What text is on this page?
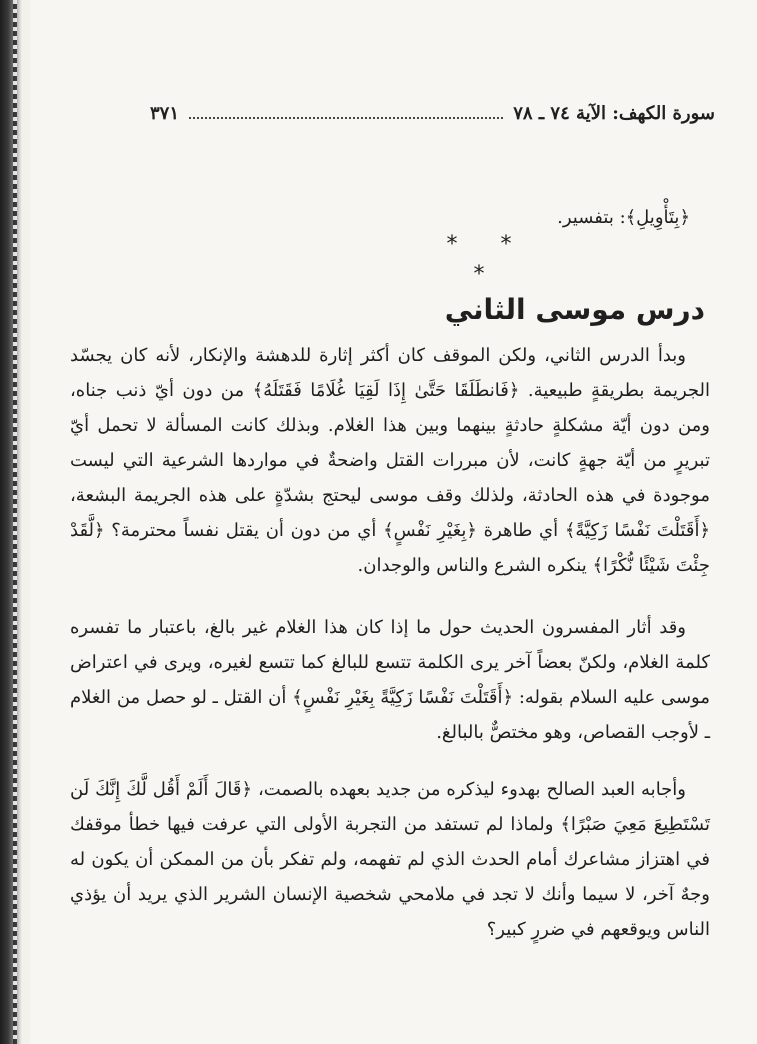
سورة الكهف: الآية ٧٤ ـ ٧٨
٣٧١
﴿بِتَأْوِيلِ﴾: بتفسير.
* * *
درس موسى الثاني
وبدأ الدرس الثاني، ولكن الموقف كان أكثر إثارة للدهشة والإنكار، لأنه كان يجسّد الجريمة بطريقةٍ طبيعية. ﴿فَانطَلَقَا حَتَّىٰ إِذَا لَقِيَا غُلَامًا فَقَتَلَهُ﴾ من دون أيّ ذنب جناه، ومن دون أيّة مشكلةٍ حادثةٍ بينهما وبين هذا الغلام. وبذلك كانت المسألة لا تحمل أيّ تبريرٍ من أيّة جهةٍ كانت، لأن مبررات القتل واضحةٌ في مواردها الشرعية التي ليست موجودة في هذه الحادثة، ولذلك وقف موسى ليحتج بشدّةٍ على هذه الجريمة البشعة، ﴿أَقَتَلْتَ نَفْسًا زَكِيَّةً﴾ أي طاهرة ﴿بِغَيْرِ نَفْسٍ﴾ أي من دون أن يقتل نفساً محترمة؟ ﴿لَّقَدْ جِئْتَ شَيْئًا نُّكْرًا﴾ ينكره الشرع والناس والوجدان.
وقد أثار المفسرون الحديث حول ما إذا كان هذا الغلام غير بالغ، باعتبار ما تفسره كلمة الغلام، ولكنّ بعضاً آخر يرى الكلمة تتسع للبالغ كما تتسع لغيره، ويرى في اعتراض موسى عليه السلام بقوله: ﴿أَقَتَلْتَ نَفْسًا زَكِيَّةً بِغَيْرِ نَفْسٍ﴾ أن القتل ـ لو حصل من الغلام ـ لأوجب القصاص، وهو مختصٌّ بالبالغ.
وأجابه العبد الصالح بهدوء ليذكره من جديد بعهده بالصمت، ﴿قَالَ أَلَمْ أَقُل لَّكَ إِنَّكَ لَن تَسْتَطِيعَ مَعِيَ صَبْرًا﴾ ولماذا لم تستفد من التجربة الأولى التي عرفت فيها خطأ موقفك في اهتزاز مشاعرك أمام الحدث الذي لم تفهمه، ولم تفكر بأن من الممكن أن يكون له وجهٌ آخر، لا سيما وأنك لا تجد في ملامحي شخصية الإنسان الشرير الذي يريد أن يؤذي الناس ويوقعهم في ضررٍ كبير؟
